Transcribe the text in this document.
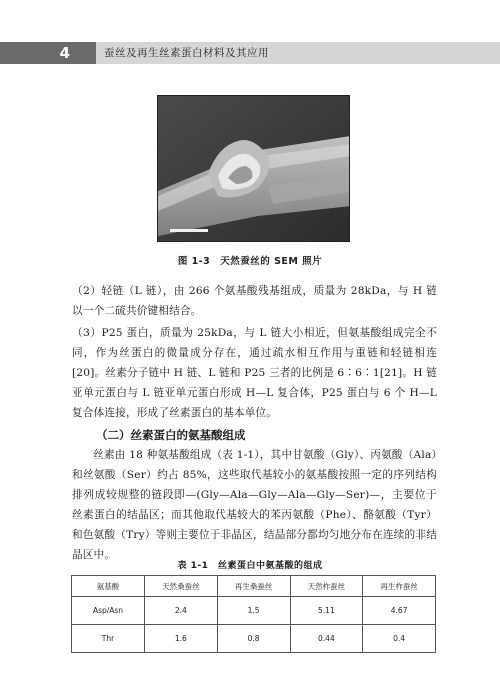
4	蚕丝及再生丝素蛋白材料及其应用
图 1-3　天然蚕丝的 SEM 照片

（2）轻链（L 链），由 266 个氨基酸残基组成，质量为 28kDa，与 H 链以一个二硫共价键相结合。

（3）P25 蛋白，质量为 25kDa，与 L 链大小相近，但氨基酸组成完全不同，作为丝蛋白的微量成分存在，通过疏水相互作用与重链和轻链相连[20]。丝素分子链中 H 链、L 链和 P25 三者的比例是 6∶6∶1[21]。H 链亚单元蛋白与 L 链亚单元蛋白形成 H—L 复合体，P25 蛋白与 6 个 H—L 复合体连接，形成了丝素蛋白的基本单位。

（二）丝素蛋白的氨基酸组成

丝素由 18 种氨基酸组成（表 1-1），其中甘氨酸（Gly）、丙氨酸（Ala）和丝氨酸（Ser）约占 85%，这些取代基较小的氨基酸按照一定的序列结构排列成较规整的链段即—(Gly—Ala—Gly—Ala—Gly—Ser)—，主要位于丝素蛋白的结晶区；而其他取代基较大的苯丙氨酸（Phe）、酪氨酸（Tyr）和色氨酸（Try）等则主要位于非晶区，结晶部分都均匀地分布在连续的非结晶区中。

表 1-1　丝素蛋白中氨基酸的组成
氨基酸	天然桑蚕丝	再生桑蚕丝	天然柞蚕丝	再生柞蚕丝
Asp/Asn	2.4	1.5	5.11	4.67
Thr	1.6	0.8	0.44	0.4
